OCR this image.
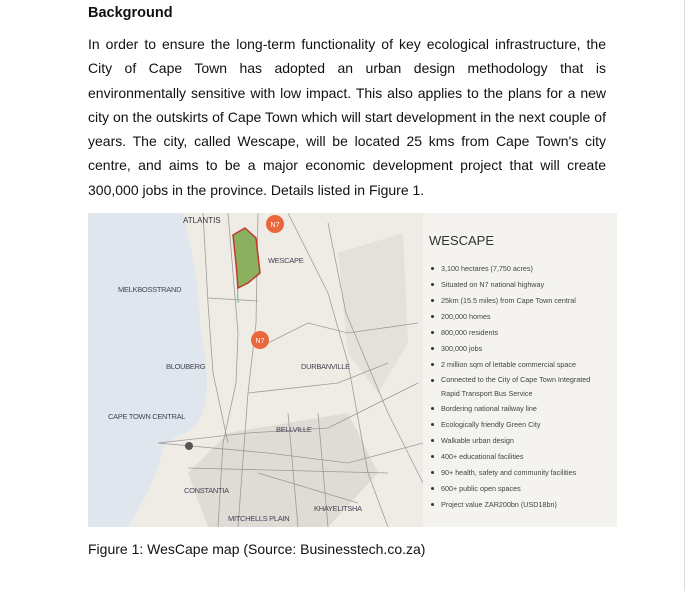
Background
In order to ensure the long-term functionality of key ecological infrastructure, the City of Cape Town has adopted an urban design methodology that is environmentally sensitive with low impact. This also applies to the plans for a new city on the outskirts of Cape Town which will start development in the next couple of years. The city, called Wescape, will be located 25 kms from Cape Town's city centre, and aims to be a major economic development project that will create 300,000 jobs in the province. Details listed in Figure 1.
N7
N7
ATLANTIS
WESCAPE
MELKBOSSTRAND
BLOUBERG	DURBANVILLE
CAPE TOWN CENTRAL
BELLVILLE
CONSTANTIA
MITCHELLS PLAIN
KHAYELITSHA
WESCAPE
3,100 hectares (7,750 acres)
Situated on N7 national highway
25km (15.5 miles) from Cape Town central
200,000 homes
800,000 residents
300,000 jobs
2 million sqm of lettable commercial space
Connected to the City of Cape Town Integrated Rapid Transport Bus Service
Bordering national railway line
Ecologically friendly Green City
Walkable urban design
400+ educational facilities
90+ health, safety and community facilities
600+ public open spaces
Project value ZAR200bn (USD18bn)
Figure 1: WesCape map (Source: Businesstech.co.za)
